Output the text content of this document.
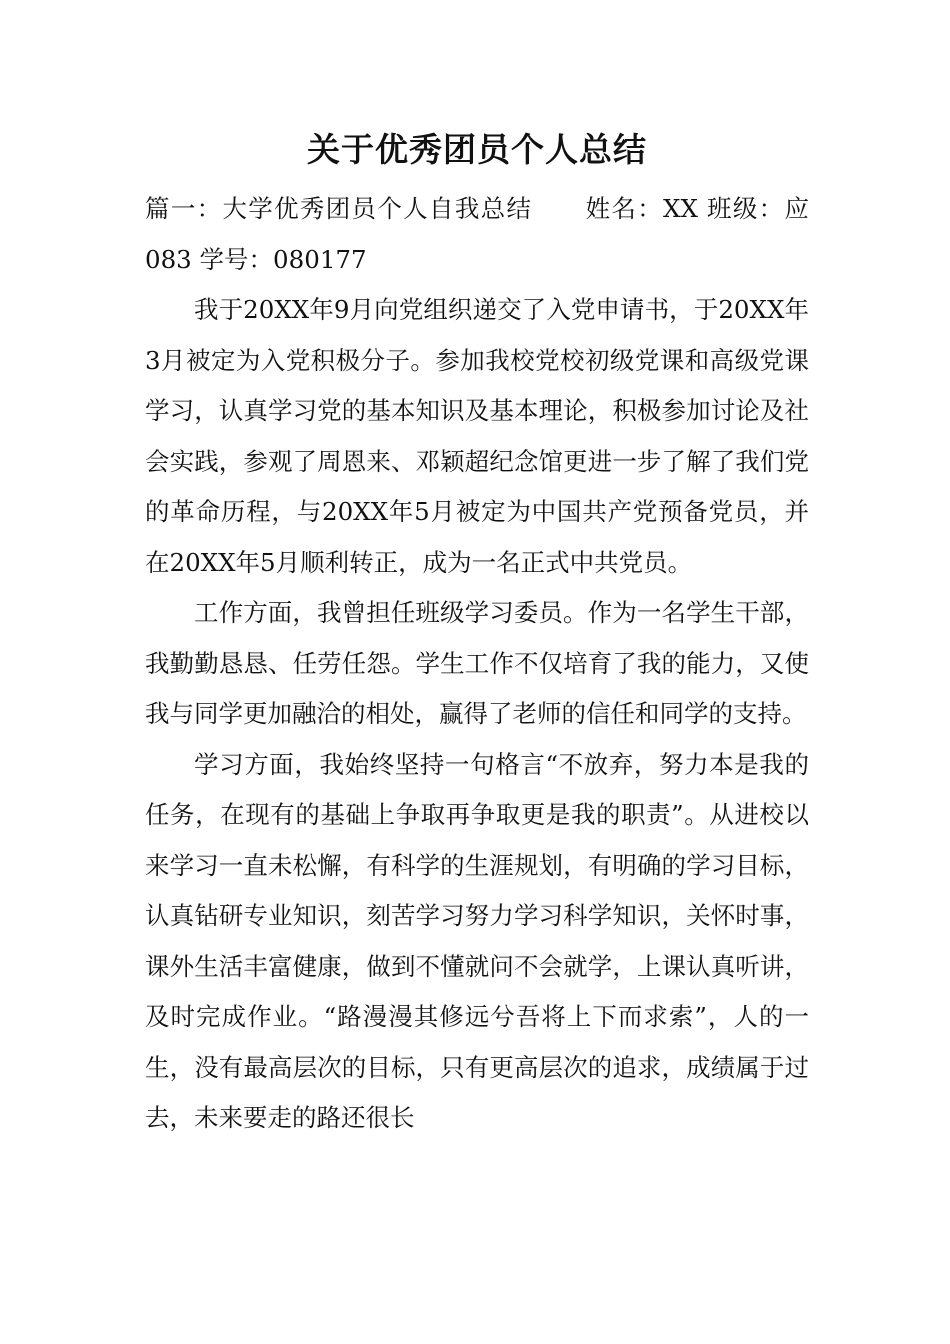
关于优秀团员个人总结

篇一：大学优秀团员个人自我总结 姓名：XX 班级：应083 学号：080177

我于20XX年9月向党组织递交了入党申请书，于20XX年3月被定为入党积极分子。参加我校党校初级党课和高级党课学习，认真学习党的基本知识及基本理论，积极参加讨论及社会实践，参观了周恩来、邓颖超纪念馆更进一步了解了我们党的革命历程，与20XX年5月被定为中国共产党预备党员，并在20XX年5月顺利转正，成为一名正式中共党员。

工作方面，我曾担任班级学习委员。作为一名学生干部，我勤勤恳恳、任劳任怨。学生工作不仅培育了我的能力，又使我与同学更加融洽的相处，赢得了老师的信任和同学的支持。

学习方面，我始终坚持一句格言“不放弃，努力本是我的任务，在现有的基础上争取再争取更是我的职责”。从进校以来学习一直未松懈，有科学的生涯规划，有明确的学习目标，认真钻研专业知识，刻苦学习努力学习科学知识，关怀时事，课外生活丰富健康，做到不懂就问不会就学，上课认真听讲，及时完成作业。“路漫漫其修远兮吾将上下而求索”，人的一生，没有最高层次的目标，只有更高层次的追求，成绩属于过去，未来要走的路还很长
